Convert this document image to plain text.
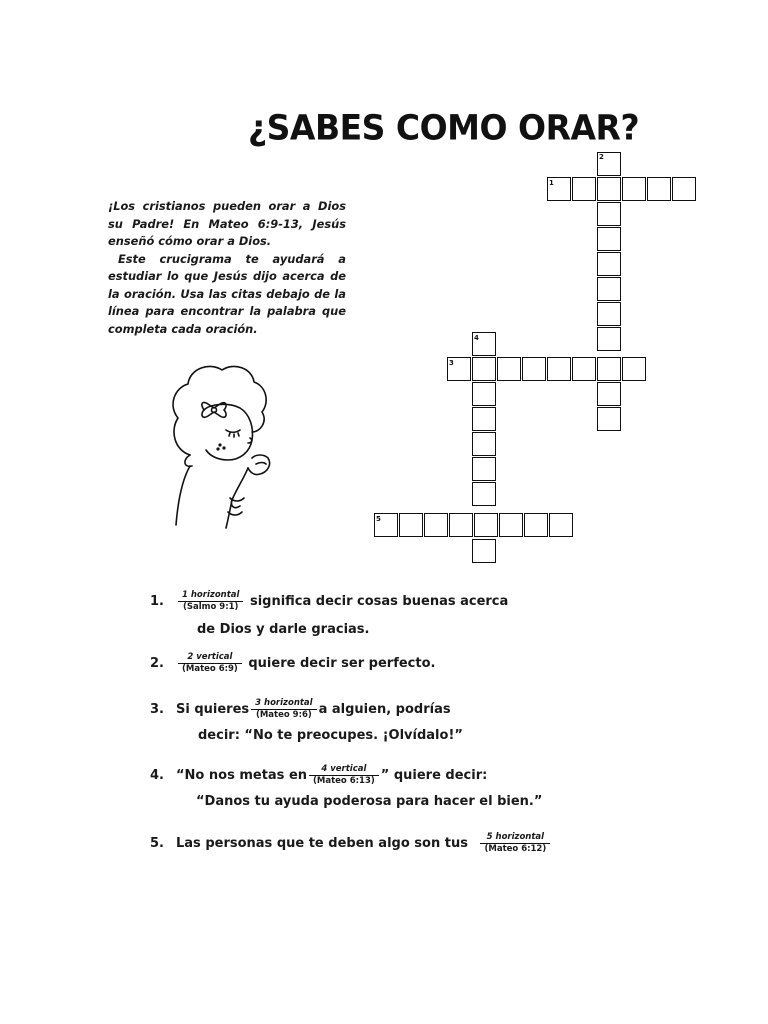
¿SABES COMO ORAR?

¡Los cristianos pueden orar a Dios su Padre! En Mateo 6:9-13, Jesús enseñó cómo orar a Dios.

Este crucigrama te ayudará a estudiar lo que Jesús dijo acerca de la oración. Usa las citas debajo de la línea para encontrar la palabra que completa cada oración.

1
2
3
4
5
1. $\frac{\text{1 horizontal}}{\text{(Salmo 9:1)}}$ significa decir cosas buenas acerca
de Dios y darle gracias.
2. $\frac{\text{2 vertical}}{\text{(Mateo 6:9)}}$ quiere decir ser perfecto.
3. Si quieres $\frac{\text{3 horizontal}}{\text{(Mateo 9:6)}}$ a alguien, podrías
decir: “No te preocupes. ¡Olvídalo!”
4. “No nos metas en $\frac{\text{4 vertical}}{\text{(Mateo 6:13)}}$ ” quiere decir:
“Danos tu ayuda poderosa para hacer el bien.”
5. Las personas que te deben algo son tus $\frac{\text{5 horizontal}}{\text{(Mateo 6:12)}}$
